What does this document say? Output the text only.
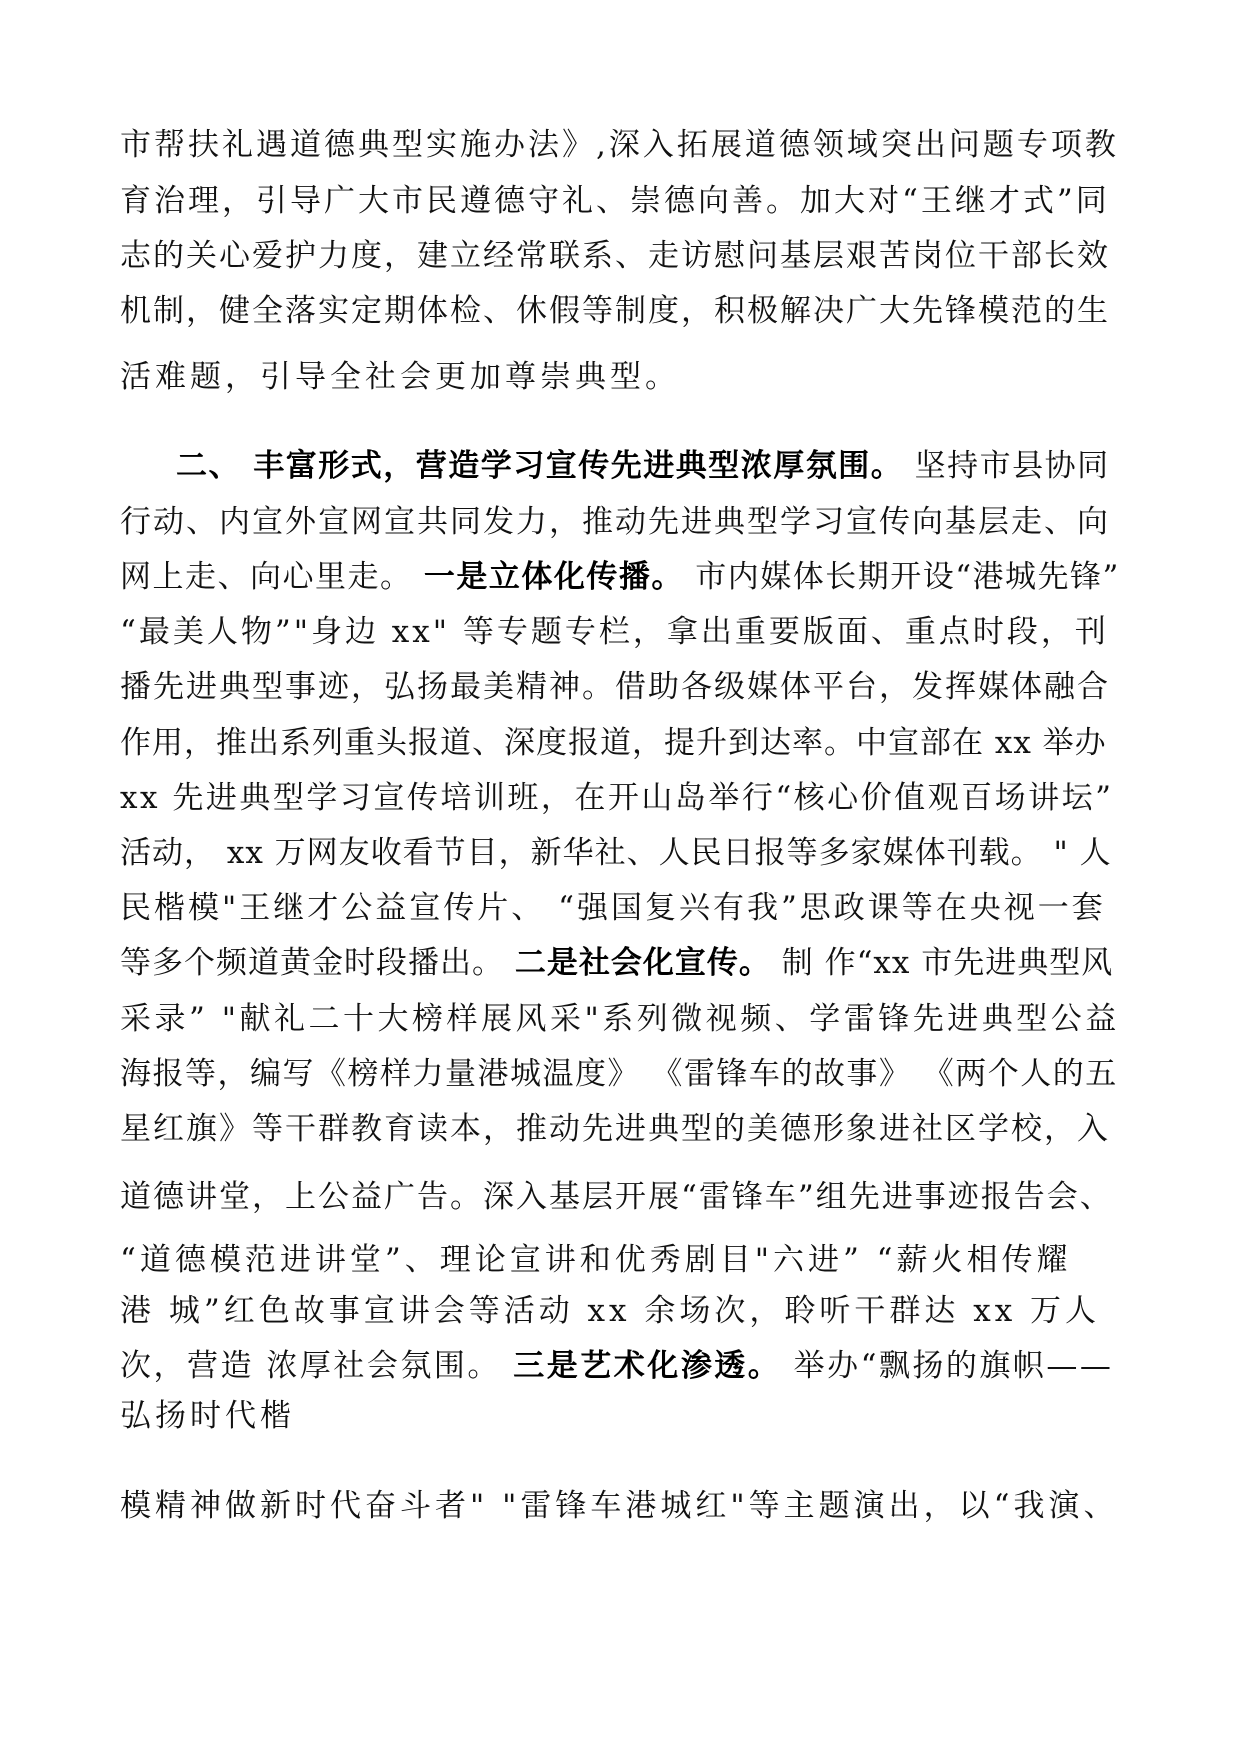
市帮扶礼遇道德典型实施办法》,深入拓展道德领域突出问题专项教
育治理，引导广大市民遵德守礼、崇德向善。加大对“王继才式”同
志的关心爱护力度，建立经常联系、走访慰问基层艰苦岗位干部长效
机制，健全落实定期体检、休假等制度，积极解决广大先锋模范的生
活难题，引导全社会更加尊崇典型。
二、 丰富形式，营造学习宣传先进典型浓厚氛围。 坚持市县协同
行动、内宣外宣网宣共同发力，推动先进典型学习宣传向基层走、向
网上走、向心里走。 一是立体化传播。 市内媒体长期开设“港城先锋”
“最美人物”"身边 xx" 等专题专栏，拿出重要版面、重点时段，刊
播先进典型事迹，弘扬最美精神。借助各级媒体平台，发挥媒体融合
作用，推出系列重头报道、深度报道，提升到达率。中宣部在 xx 举办
xx 先进典型学习宣传培训班，在开山岛举行“核心价值观百场讲坛”
活动， xx 万网友收看节目，新华社、人民日报等多家媒体刊载。 " 人
民楷模"王继才公益宣传片、 “强国复兴有我”思政课等在央视一套
等多个频道黄金时段播出。 二是社会化宣传。 制 作“xx 市先进典型风
采录” "献礼二十大榜样展风采"系列微视频、学雷锋先进典型公益
海报等，编写《榜样力量港城温度》 《雷锋车的故事》 《两个人的五
星红旗》等干群教育读本，推动先进典型的美德形象进社区学校，入
道德讲堂，上公益广告。深入基层开展“雷锋车”组先进事迹报告会、
“道德模范进讲堂”、理论宣讲和优秀剧目"六进” “薪火相传耀
港 城”红色故事宣讲会等活动 xx 余场次，聆听干群达 xx 万人
次，营造 浓厚社会氛围。 三是艺术化渗透。 举办“飘扬的旗帜——
弘扬时代楷
模精神做新时代奋斗者" "雷锋车港城红"等主题演出，以“我演、
